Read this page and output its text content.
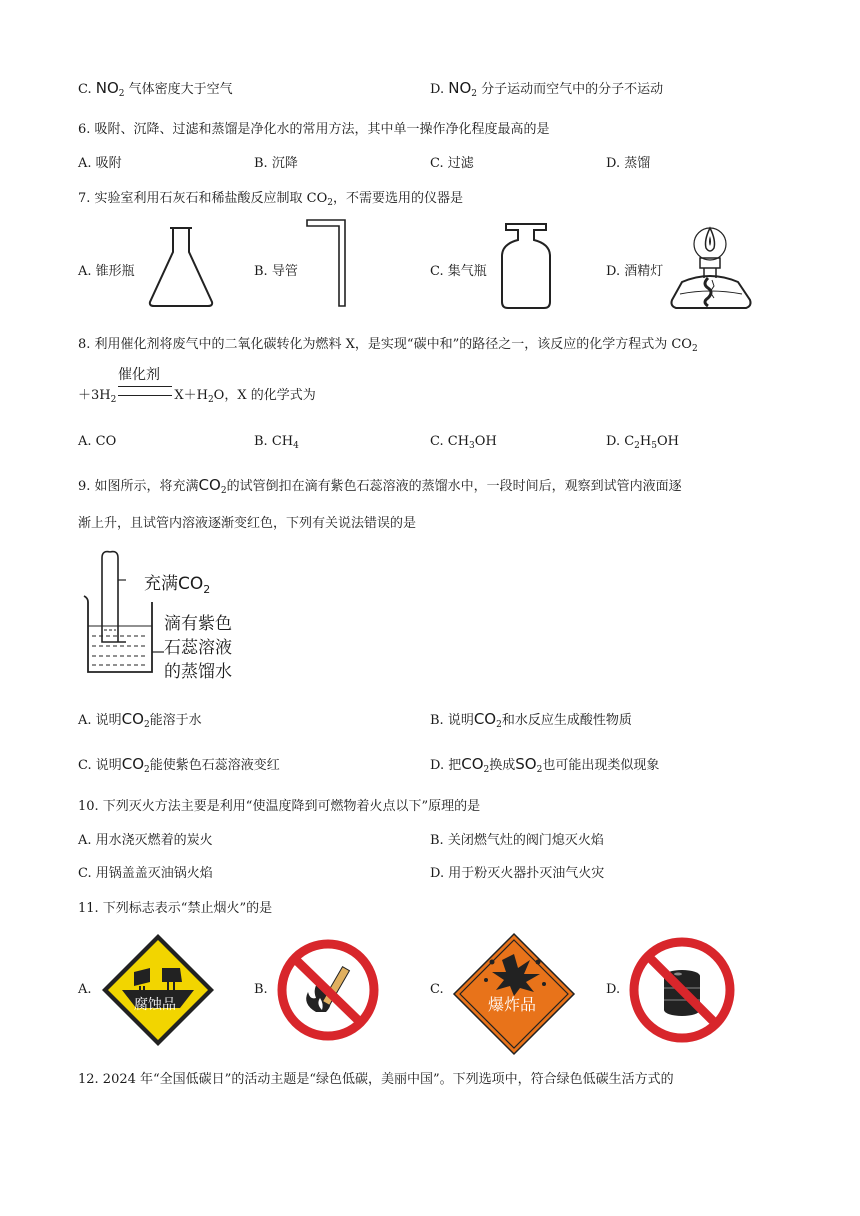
C. $NO_2$ 气体密度大于空气	D. $NO_2$ 分子运动而空气中的分子不运动
6. 吸附、沉降、过滤和蒸馏是净化水的常用方法，其中单一操作净化程度最高的是
A. 吸附	B. 沉降	C. 过滤	D. 蒸馏
7. 实验室利用石灰石和稀盐酸反应制取 $CO_2$，不需要选用的仪器是
A. 锥形瓶	B. 导管	C. 集气瓶	D. 酒精灯
8. 利用催化剂将废气中的二氧化碳转化为燃料 X，是实现“碳中和”的路径之一，该反应的化学方程式为 $CO_2$
催化剂
$+3H_2$	$X+H_2O$，X 的化学式为
A. CO	B. $CH_4$	C. $CH_3OH$	D. $C_2H_5OH$
9. 如图所示，将充满$CO_2$的试管倒扣在滴有紫色石蕊溶液的蒸馏水中，一段时间后，观察到试管内液面逐
渐上升，且试管内溶液逐渐变红色，下列有关说法错误的是
充满$CO_2$
滴有紫色
石蕊溶液
的蒸馏水
A. 说明$CO_2$能溶于水	B. 说明$CO_2$和水反应生成酸性物质
C. 说明$CO_2$能使紫色石蕊溶液变红	D. 把$CO_2$换成$SO_2$也可能出现类似现象
10. 下列灭火方法主要是利用“使温度降到可燃物着火点以下”原理的是
A. 用水浇灭燃着的炭火	B. 关闭燃气灶的阀门熄灭火焰
C. 用锅盖盖灭油锅火焰	D. 用于粉灭火器扑灭油气火灾
11. 下列标志表示“禁止烟火”的是
A.	B.	C.	D.
腐蚀品	爆炸品
12. 2024 年“全国低碳日”的活动主题是“绿色低碳，美丽中国”。下列选项中，符合绿色低碳生活方式的
